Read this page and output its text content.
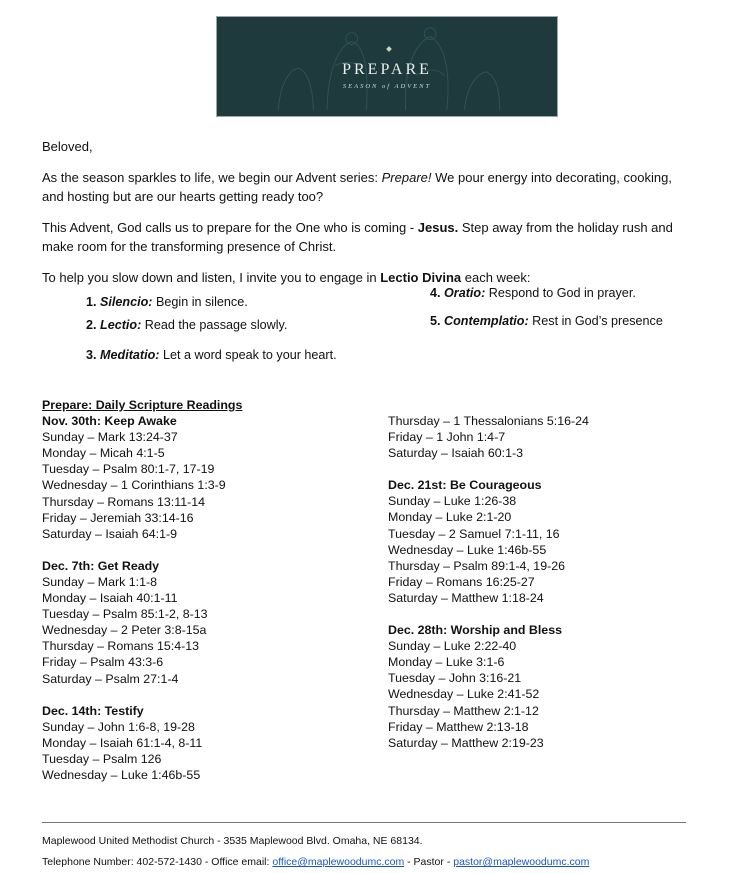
PREPARE
SEASON of ADVENT

Beloved,

As the season sparkles to life, we begin our Advent series: Prepare! We pour energy into decorating, cooking, and hosting but are our hearts getting ready too?

This Advent, God calls us to prepare for the One who is coming - Jesus. Step away from the holiday rush and make room for the transforming presence of Christ.

To help you slow down and listen, I invite you to engage in Lectio Divina each week:

1. Silencio: Begin in silence.
2. Lectio: Read the passage slowly.
3. Meditatio: Let a word speak to your heart.
4. Oratio: Respond to God in prayer.
5. Contemplatio: Rest in God’s presence
Prepare: Daily Scripture Readings
Nov. 30th: Keep Awake
Sunday – Mark 13:24-37
Monday – Micah 4:1-5
Tuesday – Psalm 80:1-7, 17-19
Wednesday – 1 Corinthians 1:3-9
Thursday – Romans 13:11-14
Friday – Jeremiah 33:14-16
Saturday – Isaiah 64:1-9
Dec. 7th: Get Ready
Sunday – Mark 1:1-8
Monday – Isaiah 40:1-11
Tuesday – Psalm 85:1-2, 8-13
Wednesday – 2 Peter 3:8-15a
Thursday – Romans 15:4-13
Friday – Psalm 43:3-6
Saturday – Psalm 27:1-4
Dec. 14th: Testify
Sunday – John 1:6-8, 19-28
Monday – Isaiah 61:1-4, 8-11
Tuesday – Psalm 126
Wednesday – Luke 1:46b-55
Thursday – 1 Thessalonians 5:16-24
Friday – 1 John 1:4-7
Saturday – Isaiah 60:1-3
Dec. 21st: Be Courageous
Sunday – Luke 1:26-38
Monday – Luke 2:1-20
Tuesday – 2 Samuel 7:1-11, 16
Wednesday – Luke 1:46b-55
Thursday – Psalm 89:1-4, 19-26
Friday – Romans 16:25-27
Saturday – Matthew 1:18-24
Dec. 28th: Worship and Bless
Sunday – Luke 2:22-40
Monday – Luke 3:1-6
Tuesday – John 3:16-21
Wednesday – Luke 2:41-52
Thursday – Matthew 2:1-12
Friday – Matthew 2:13-18
Saturday – Matthew 2:19-23
Maplewood United Methodist Church - 3535 Maplewood Blvd. Omaha, NE 68134.
Telephone Number: 402-572-1430 - Office email: office@maplewoodumc.com - Pastor - pastor@maplewoodumc.com
